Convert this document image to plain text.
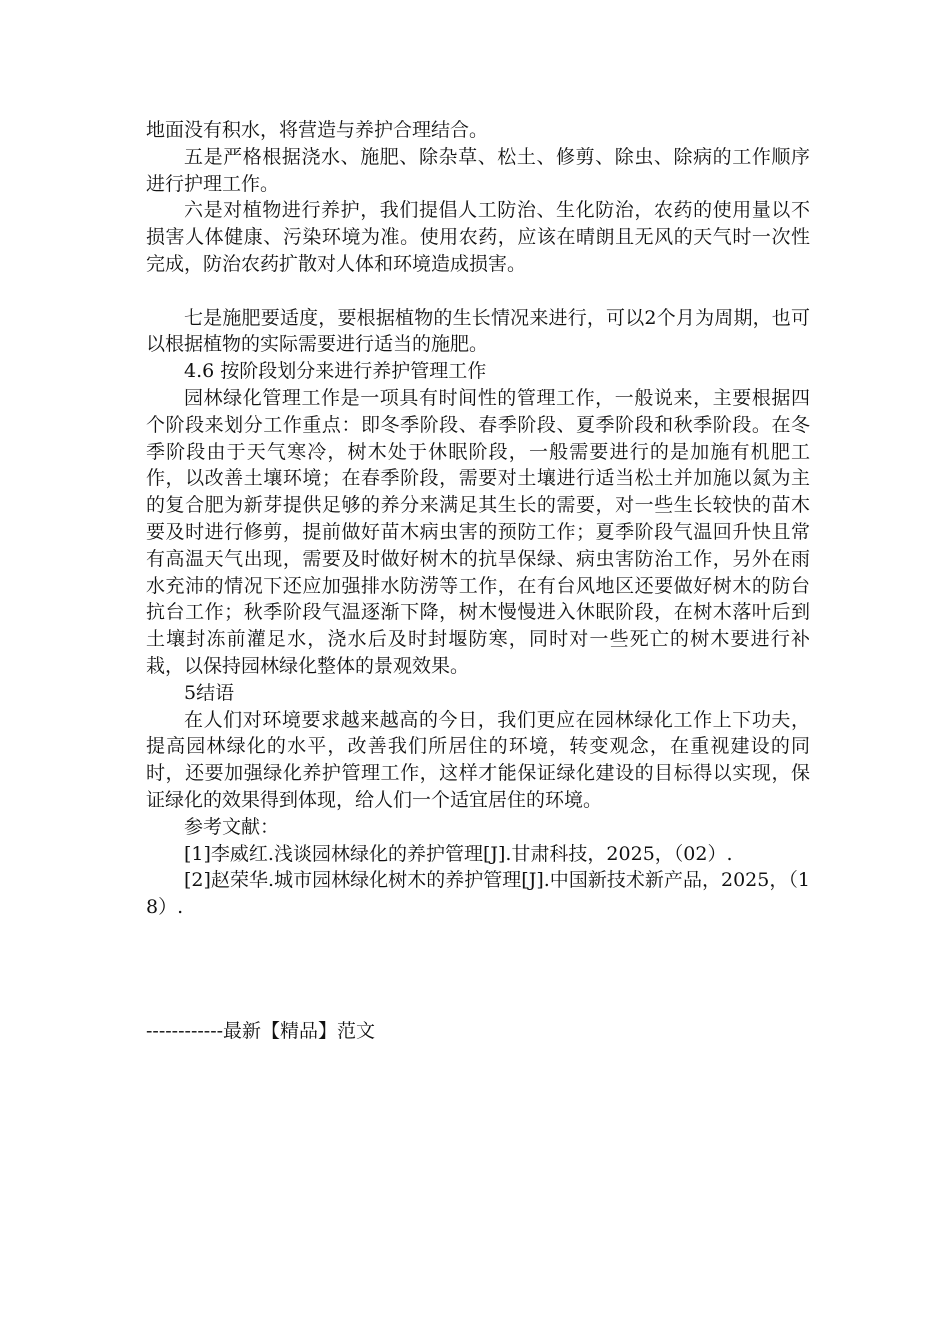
地面没有积水，将营造与养护合理结合。

五是严格根据浇水、施肥、除杂草、松土、修剪、除虫、除病的工作顺序进行护理工作。

六是对植物进行养护，我们提倡人工防治、生化防治，农药的使用量以不损害人体健康、污染环境为准。使用农药，应该在晴朗且无风的天气时一次性完成，防治农药扩散对人体和环境造成损害。

七是施肥要适度，要根据植物的生长情况来进行，可以2个月为周期，也可以根据植物的实际需要进行适当的施肥。

4.6 按阶段划分来进行养护管理工作

园林绿化管理工作是一项具有时间性的管理工作，一般说来，主要根据四个阶段来划分工作重点：即冬季阶段、春季阶段、夏季阶段和秋季阶段。在冬季阶段由于天气寒冷，树木处于休眠阶段，一般需要进行的是加施有机肥工作，以改善土壤环境；在春季阶段，需要对土壤进行适当松土并加施以氮为主的复合肥为新芽提供足够的养分来满足其生长的需要，对一些生长较快的苗木要及时进行修剪，提前做好苗木病虫害的预防工作；夏季阶段气温回升快且常有高温天气出现，需要及时做好树木的抗旱保绿、病虫害防治工作，另外在雨水充沛的情况下还应加强排水防涝等工作，在有台风地区还要做好树木的防台抗台工作；秋季阶段气温逐渐下降，树木慢慢进入休眠阶段，在树木落叶后到土壤封冻前灌足水，浇水后及时封堰防寒，同时对一些死亡的树木要进行补栽，以保持园林绿化整体的景观效果。

5结语

在人们对环境要求越来越高的今日，我们更应在园林绿化工作上下功夫，提高园林绿化的水平，改善我们所居住的环境，转变观念，在重视建设的同时，还要加强绿化养护管理工作，这样才能保证绿化建设的目标得以实现，保证绿化的效果得到体现，给人们一个适宜居住的环境。

参考文献：

[1]李威红.浅谈园林绿化的养护管理[J].甘肃科技，2025，（02）.

[2]赵荣华.城市园林绿化树木的养护管理[J].中国新技术新产品，2025，（18）.

------------最新【精品】范文
